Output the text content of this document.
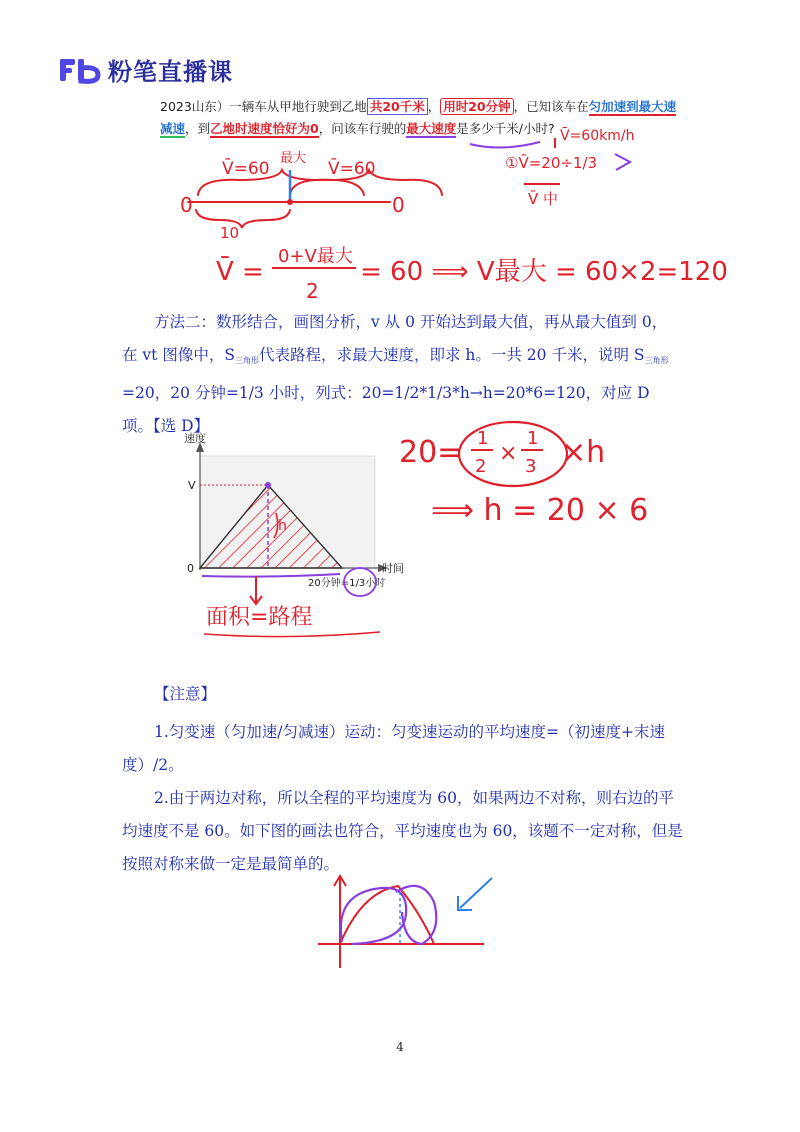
粉笔直播课
2023山东）一辆车从甲地行驶到乙地 共20千米 ， 用时20分钟 ，已知该车在匀加速到最大速
减速，到乙地时速度恰好为0，问该车行驶的最大速度是多少千米/小时?
0	0
V̄=60	V̄=60
最大
10
V̄=60km/h
①V̄=20÷1/3
V̄ 中
V̄ =
0+V最大
2
= 60 ⟹ V最大 = 60×2=120
方法二：数形结合，画图分析，v 从 0 开始达到最大值，再从最大值到 0，
在 vt 图像中，$S_{三角形}$代表路程，求最大速度，即求 h。一共 20 千米，说明 $S_{三角形}$
=20，20 分钟=1/3 小时，列式：20=1/2*1/3*h→h=20*6=120，对应 D 项。【选 D】
h
速度
时间
V
0
20分钟=1/3小时
面积=路程
20= 1
2
×
1
3 ×h
⟹ h = 20 × 6
【注意】
1.匀变速（匀加速/匀减速）运动：匀变速运动的平均速度=（初速度+末速度）/2。
2.由于两边对称，所以全程的平均速度为 60，如果两边不对称，则右边的平均速度不是 60。如下图的画法也符合，平均速度也为 60，该题不一定对称，但是按照对称来做一定是最简单的。
4
